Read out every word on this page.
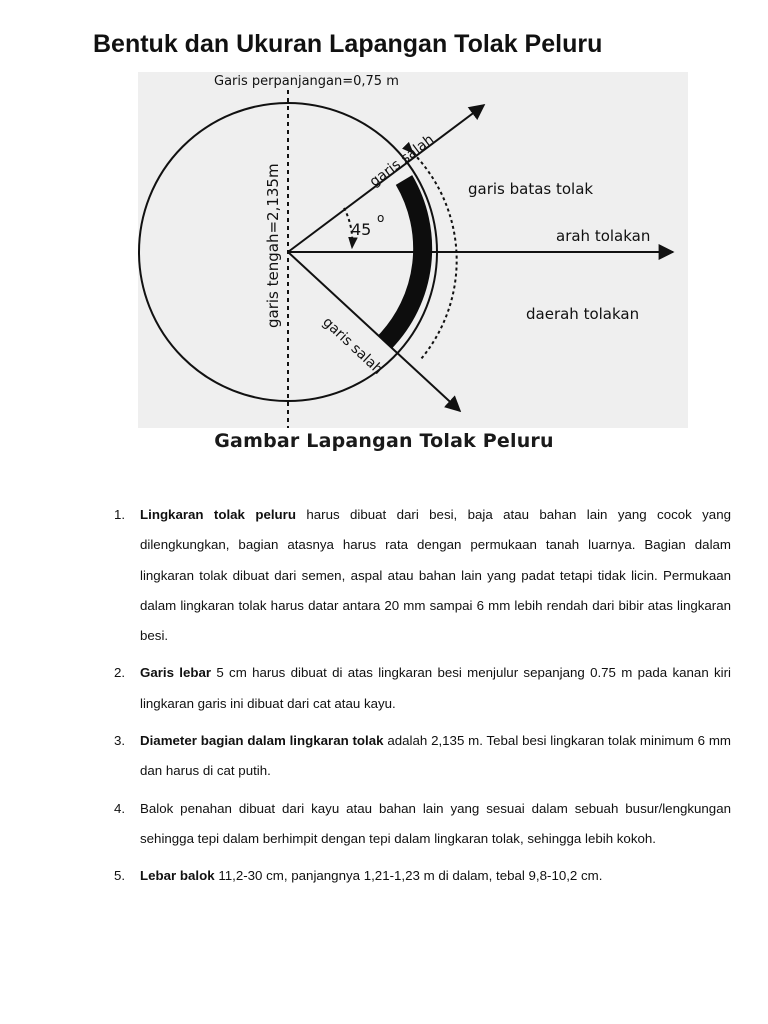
Bentuk dan Ukuran Lapangan Tolak Peluru
Garis perpanjangan=0,75 m
garis tengah=2,135m
garis salah
garis salah
garis batas tolak
45
o
arah tolakan
daerah tolakan
Gambar Lapangan Tolak Peluru
1. Lingkaran tolak peluru harus dibuat dari besi, baja atau bahan lain yang cocok yang dilengkungkan, bagian atasnya harus rata dengan permukaan tanah luarnya. Bagian dalam lingkaran tolak dibuat dari semen, aspal atau bahan lain yang padat tetapi tidak licin. Permukaan dalam lingkaran tolak harus datar antara 20 mm sampai 6 mm lebih rendah dari bibir atas lingkaran besi.
2. Garis lebar 5 cm harus dibuat di atas lingkaran besi menjulur sepanjang 0.75 m pada kanan kiri lingkaran garis ini dibuat dari cat atau kayu.
3. Diameter bagian dalam lingkaran tolak adalah 2,135 m. Tebal besi lingkaran tolak minimum 6 mm dan harus di cat putih.
4. Balok penahan dibuat dari kayu atau bahan lain yang sesuai dalam sebuah busur/lengkungan sehingga tepi dalam berhimpit dengan tepi dalam lingkaran tolak, sehingga lebih kokoh.
5. Lebar balok 11,2-30 cm, panjangnya 1,21-1,23 m di dalam, tebal 9,8-10,2 cm.
